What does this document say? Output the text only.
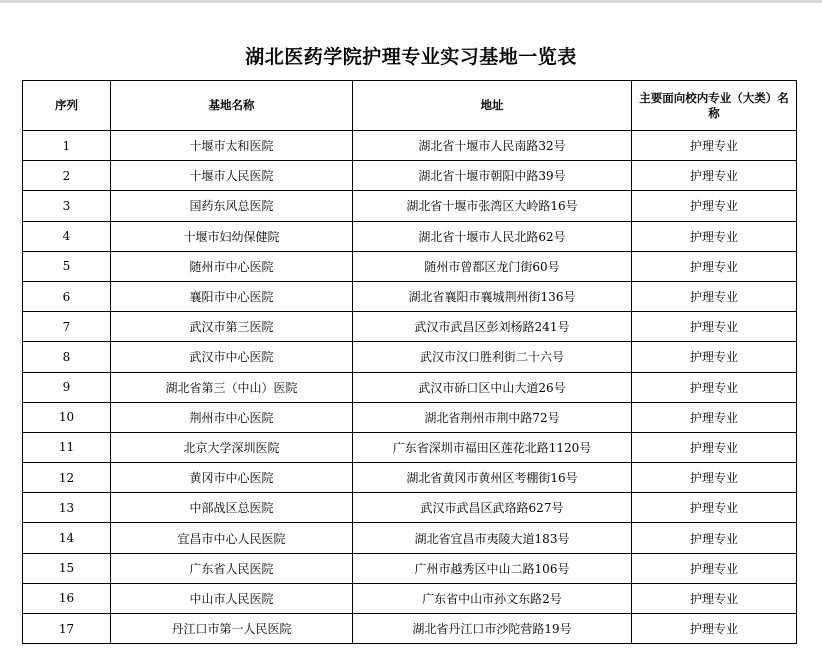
湖北医药学院护理专业实习基地一览表
序列	基地名称	地址	主要面向校内专业（大类）名称
1	十堰市太和医院	湖北省十堰市人民南路32号	护理专业
2	十堰市人民医院	湖北省十堰市朝阳中路39号	护理专业
3	国药东风总医院	湖北省十堰市张湾区大岭路16号	护理专业
4	十堰市妇幼保健院	湖北省十堰市人民北路62号	护理专业
5	随州市中心医院	随州市曾都区龙门街60号	护理专业
6	襄阳市中心医院	湖北省襄阳市襄城荆州街136号	护理专业
7	武汉市第三医院	武汉市武昌区彭刘杨路241号	护理专业
8	武汉市中心医院	武汉市汉口胜利街二十六号	护理专业
9	湖北省第三（中山）医院	武汉市硚口区中山大道26号	护理专业
10	荆州市中心医院	湖北省荆州市荆中路72号	护理专业
11	北京大学深圳医院	广东省深圳市福田区莲花北路1120号	护理专业
12	黄冈市中心医院	湖北省黄冈市黄州区考棚街16号	护理专业
13	中部战区总医院	武汉市武昌区武珞路627号	护理专业
14	宜昌市中心人民医院	湖北省宜昌市夷陵大道183号	护理专业
15	广东省人民医院	广州市越秀区中山二路106号	护理专业
16	中山市人民医院	广东省中山市孙文东路2号	护理专业
17	丹江口市第一人民医院	湖北省丹江口市沙陀营路19号	护理专业
